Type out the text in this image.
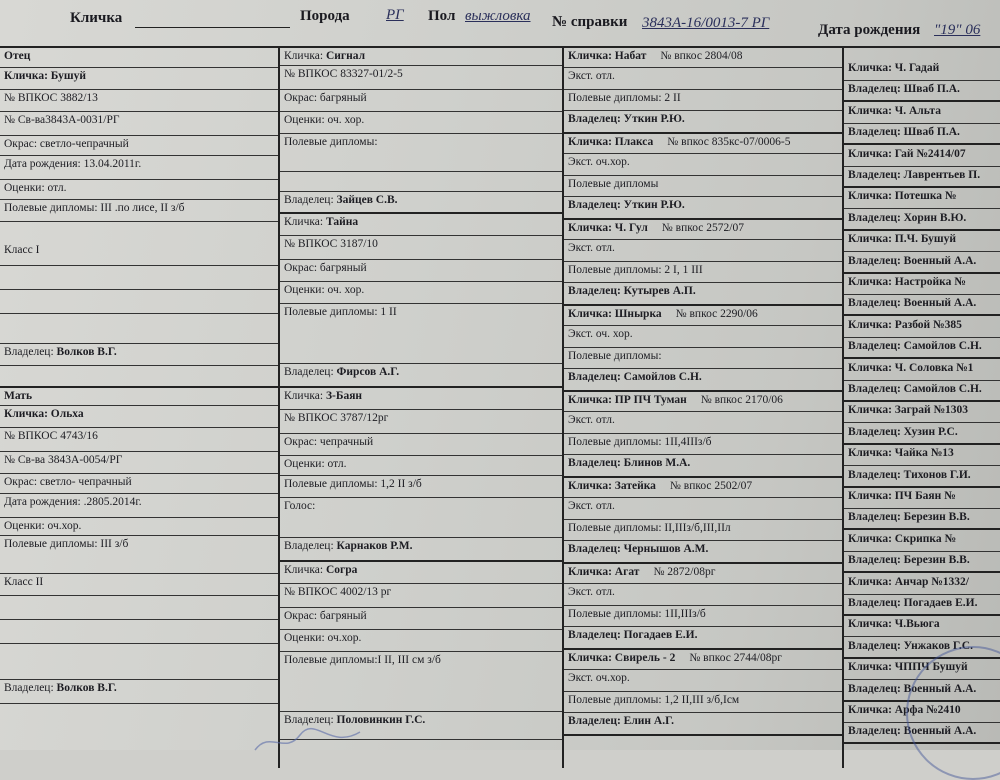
Кличка	Порода РГ Пол выжловка № справки 3843А-16/0013-7 РГ	Дата рождения "19" 06
Отец
Кличка: Бушуй
№ ВПКОС 3882/13
№ Св-ва3843А-0031/РГ
Окрас: светло-чепрачный
Дата рождения: 13.04.2011г.
Оценки: отл.
Полевые дипломы: III .по лисе, II з/б
Класс I
Владелец: Волков В.Г.
Мать
Кличка: Ольха
№ ВПКОС 4743/16
№ Св-ва 3843А-0054/РГ
Окрас: светло- чепрачный
Дата рождения: .2805.2014г.
Оценки: оч.хор.
Полевые дипломы: III з/б
Класс II
Владелец: Волков В.Г.
Кличка: Сигнал
№ ВПКОС 83327-01/2-5
Окрас: багряный
Оценки: оч. хор.
Полевые дипломы:
Владелец: Зайцев С.В.
Кличка: Тайна
№ ВПКОС 3187/10
Окрас: багряный
Оценки: оч. хор.
Полевые дипломы: 1 II
Владелец: Фирсов А.Г.
Кличка: З-Баян
№ ВПКОС 3787/12рг
Окрас: чепрачный
Оценки: отл.
Полевые дипломы: 1,2 II з/б
Голос:
Владелец: Карнаков Р.М.
Кличка: Согра
№ ВПКОС 4002/13 рг
Окрас: багряный
Оценки: оч.хор.
Полевые дипломы:I II, III см з/б
Владелец: Половинкин Г.С.
Кличка: Набат № впкос 2804/08
Экст. отл.
Полевые дипломы: 2 II
Владелец: Уткин Р.Ю.
Кличка: Плакса № впкос 835кс-07/0006-5
Экст. оч.хор.
Полевые дипломы
Владелец: Уткин Р.Ю.
Кличка: Ч. Гул № впкос 2572/07
Экст. отл.
Полевые дипломы: 2 I, 1 III
Владелец: Кутырев А.П.
Кличка: Шнырка № впкос 2290/06
Экст. оч. хор.
Полевые дипломы:
Владелец: Самойлов С.Н.
Кличка: ПР ПЧ Туман № впкос 2170/06
Экст. отл.
Полевые дипломы: 1II,4IIIз/б
Владелец: Блинов М.А.
Кличка: Затейка № впкос 2502/07
Экст. отл.
Полевые дипломы: II,IIIз/б,III,IIл
Владелец: Чернышов А.М.
Кличка: Агат № 2872/08рг
Экст. отл.
Полевые дипломы: 1II,IIIз/б
Владелец: Погадаев Е.И.
Кличка: Свирель - 2 № впкос 2744/08рг
Экст. оч.хор.
Полевые дипломы: 1,2 II,III з/б,Iсм
Владелец: Елин А.Г.
Кличка: Ч. Гадай
Владелец: Шваб П.А.
Кличка: Ч. Альта
Владелец: Шваб П.А.
Кличка: Гай №2414/07
Владелец: Лаврентьев П.
Кличка: Потешка №
Владелец: Хорин В.Ю.
Кличка: П.Ч. Бушуй
Владелец: Военный А.А.
Кличка: Настройка №
Владелец: Военный А.А.
Кличка: Разбой №385
Владелец: Самойлов С.Н.
Кличка: Ч. Соловка №1
Владелец: Самойлов С.Н.
Кличка: Заграй №1303
Владелец: Хузин Р.С.
Кличка: Чайка №13
Владелец: Тихонов Г.И.
Кличка: ПЧ Баян №
Владелец: Березин В.В.
Кличка: Скрипка №
Владелец: Березин В.В.
Кличка: Анчар №1332/
Владелец: Погадаев Е.И.
Кличка: Ч.Вьюга
Владелец: Унжаков Г.С.
Кличка: ЧППЧ Бушуй
Владелец: Военный А.А.
Кличка: Арфа №2410
Владелец: Военный А.А.
